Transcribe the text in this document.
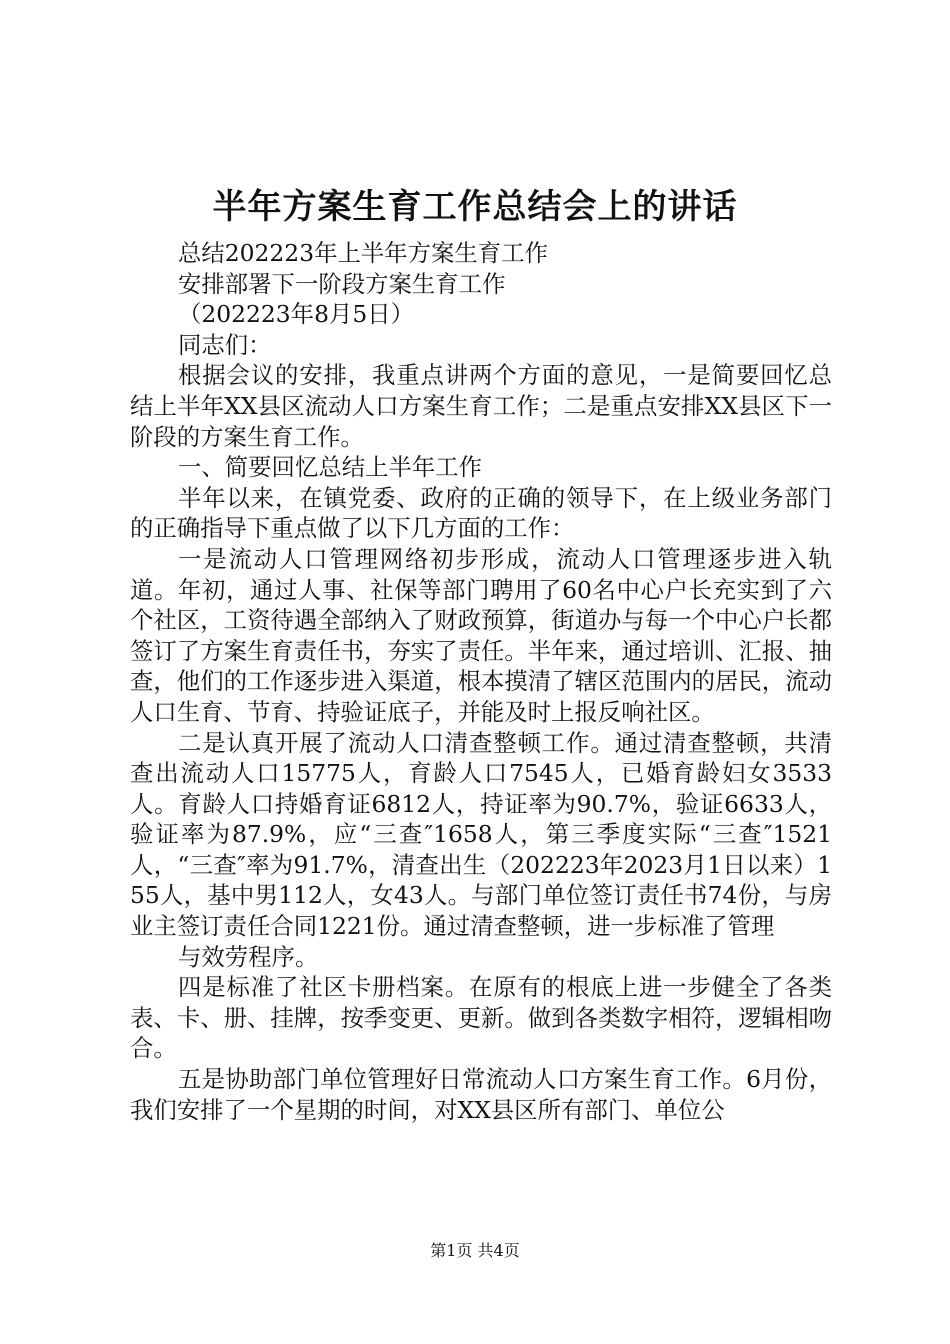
半年方案生育工作总结会上的讲话

总结202223年上半年方案生育工作

安排部署下一阶段方案生育工作

（202223年8月5日）

同志们：

根据会议的安排，我重点讲两个方面的意见，一是简要回忆总结上半年XX县区流动人口方案生育工作；二是重点安排XX县区下一阶段的方案生育工作。

一、简要回忆总结上半年工作

半年以来，在镇党委、政府的正确的领导下，在上级业务部门的正确指导下重点做了以下几方面的工作：

一是流动人口管理网络初步形成，流动人口管理逐步进入轨道。年初，通过人事、社保等部门聘用了60名中心户长充实到了六个社区，工资待遇全部纳入了财政预算，街道办与每一个中心户长都签订了方案生育责任书，夯实了责任。半年来，通过培训、汇报、抽查，他们的工作逐步进入渠道，根本摸清了辖区范围内的居民，流动人口生育、节育、持验证底子，并能及时上报反响社区。

二是认真开展了流动人口清查整顿工作。通过清查整顿，共清查出流动人口15775人，育龄人口7545人，已婚育龄妇女3533人。育龄人口持婚育证6812人，持证率为90.7%，验证6633人，验证率为87.9%，应“三查″1658人，第三季度实际“三查″1521人，“三查″率为91.7%，清查出生（202223年2023月1日以来）155人，基中男112人，女43人。与部门单位签订责任书74份，与房业主签订责任合同1221份。通过清查整顿，进一步标准了管理

与效劳程序。

四是标准了社区卡册档案。在原有的根底上进一步健全了各类表、卡、册、挂牌，按季变更、更新。做到各类数字相符，逻辑相吻合。

五是协助部门单位管理好日常流动人口方案生育工作。6月份，我们安排了一个星期的时间，对XX县区所有部门、单位公

第1页 共4页
